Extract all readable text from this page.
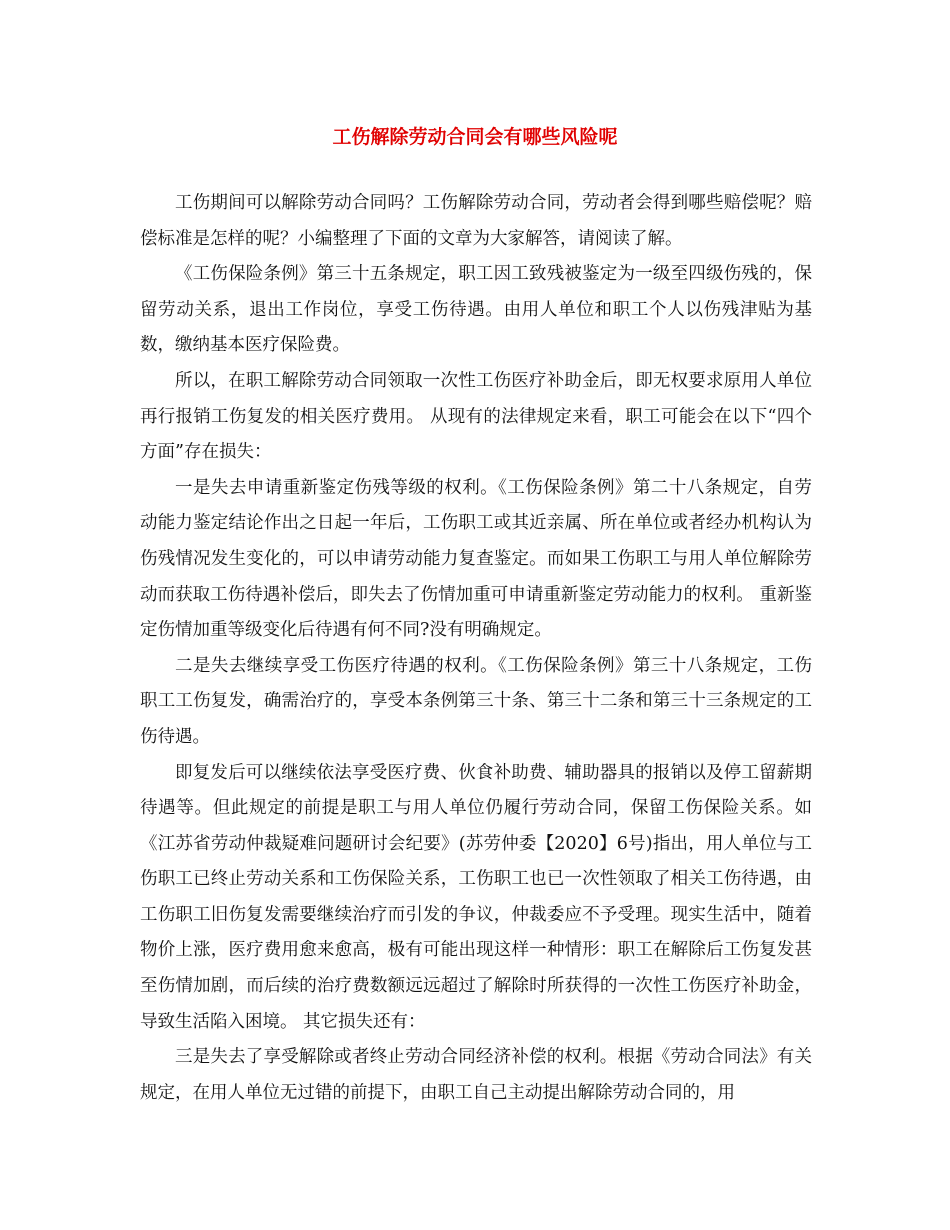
工伤解除劳动合同会有哪些风险呢

工伤期间可以解除劳动合同吗？工伤解除劳动合同，劳动者会得到哪些赔偿呢？赔偿标准是怎样的呢？小编整理了下面的文章为大家解答，请阅读了解。

《工伤保险条例》第三十五条规定，职工因工致残被鉴定为一级至四级伤残的，保留劳动关系，退出工作岗位，享受工伤待遇。由用人单位和职工个人以伤残津贴为基数，缴纳基本医疗保险费。

所以，在职工解除劳动合同领取一次性工伤医疗补助金后，即无权要求原用人单位再行报销工伤复发的相关医疗费用。 从现有的法律规定来看，职工可能会在以下“四个方面”存在损失：

一是失去申请重新鉴定伤残等级的权利。《工伤保险条例》第二十八条规定，自劳动能力鉴定结论作出之日起一年后，工伤职工或其近亲属、所在单位或者经办机构认为伤残情况发生变化的，可以申请劳动能力复查鉴定。而如果工伤职工与用人单位解除劳动而获取工伤待遇补偿后，即失去了伤情加重可申请重新鉴定劳动能力的权利。 重新鉴定伤情加重等级变化后待遇有何不同?没有明确规定。

二是失去继续享受工伤医疗待遇的权利。《工伤保险条例》第三十八条规定，工伤职工工伤复发，确需治疗的，享受本条例第三十条、第三十二条和第三十三条规定的工伤待遇。

即复发后可以继续依法享受医疗费、伙食补助费、辅助器具的报销以及停工留薪期待遇等。但此规定的前提是职工与用人单位仍履行劳动合同，保留工伤保险关系。如《江苏省劳动仲裁疑难问题研讨会纪要》(苏劳仲委【2020】6号)指出，用人单位与工伤职工已终止劳动关系和工伤保险关系，工伤职工也已一次性领取了相关工伤待遇，由工伤职工旧伤复发需要继续治疗而引发的争议，仲裁委应不予受理。现实生活中，随着物价上涨，医疗费用愈来愈高，极有可能出现这样一种情形：职工在解除后工伤复发甚至伤情加剧，而后续的治疗费数额远远超过了解除时所获得的一次性工伤医疗补助金，导致生活陷入困境。 其它损失还有：

三是失去了享受解除或者终止劳动合同经济补偿的权利。根据《劳动合同法》有关规定，在用人单位无过错的前提下，由职工自己主动提出解除劳动合同的，用
